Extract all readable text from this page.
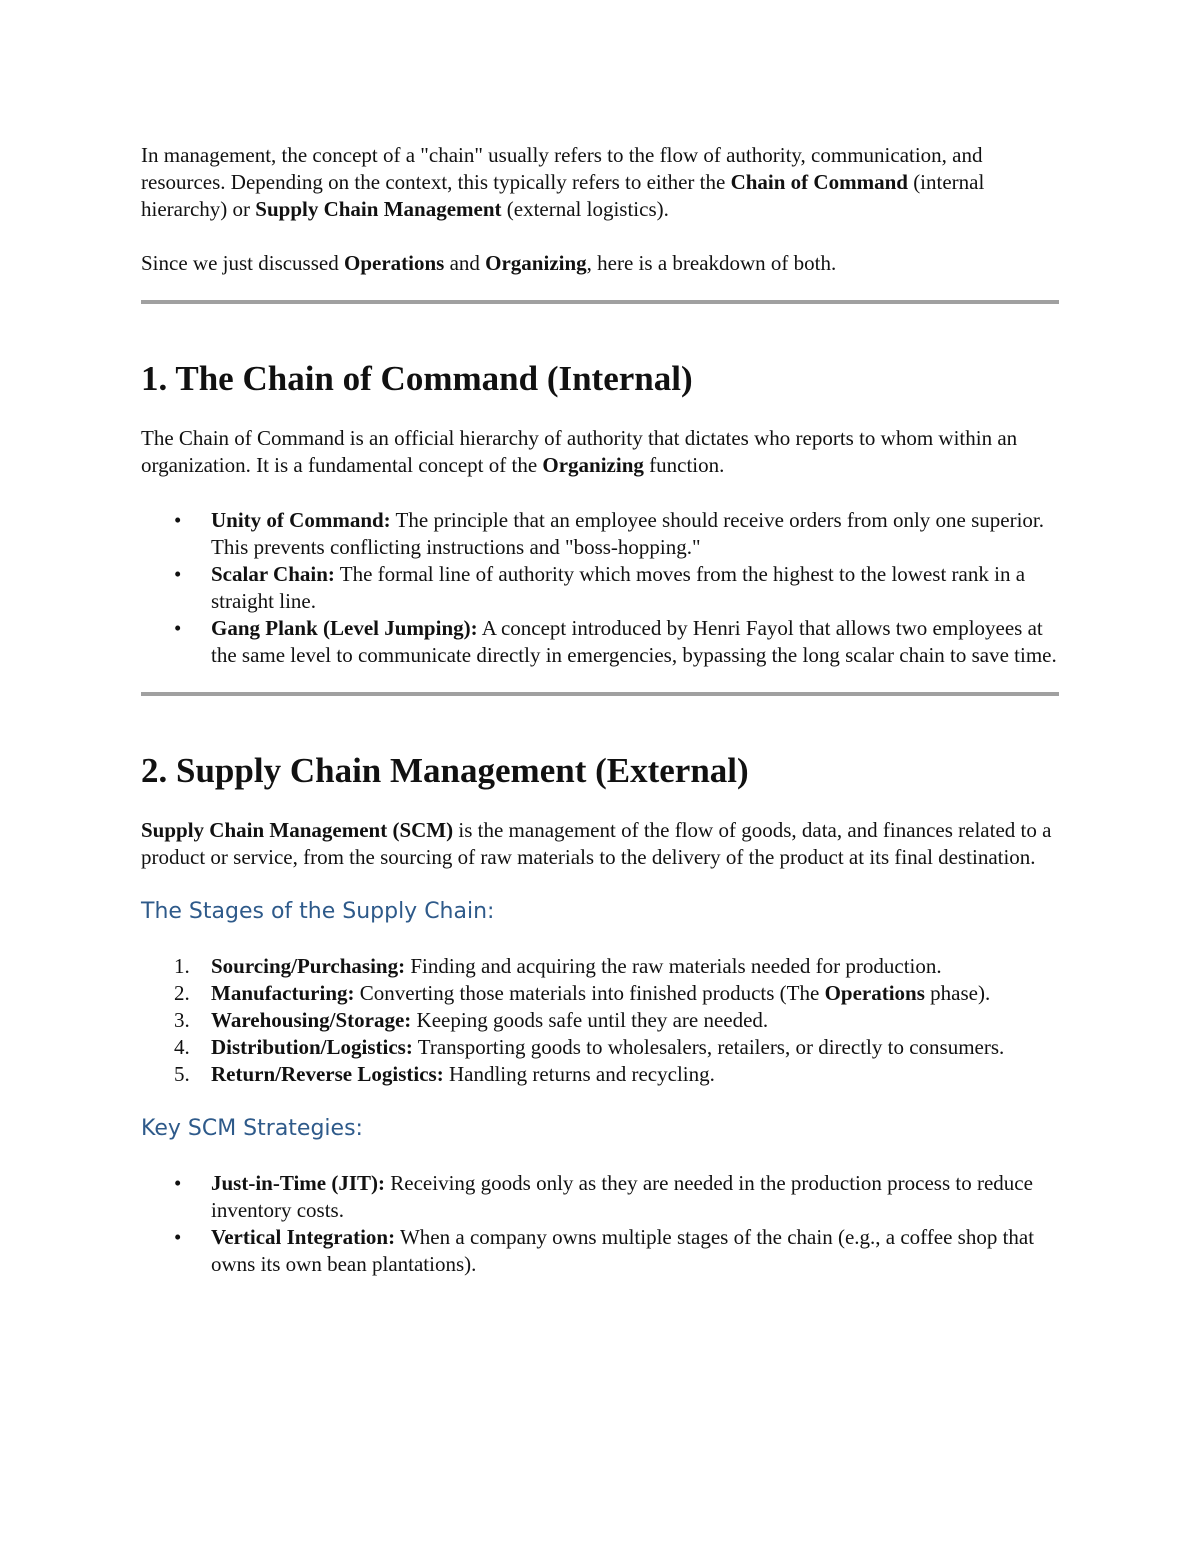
In management, the concept of a "chain" usually refers to the flow of authority, communication, and resources. Depending on the context, this typically refers to either the Chain of Command (internal hierarchy) or Supply Chain Management (external logistics).

Since we just discussed Operations and Organizing, here is a breakdown of both.

1. The Chain of Command (Internal)

The Chain of Command is an official hierarchy of authority that dictates who reports to whom within an organization. It is a fundamental concept of the Organizing function.

• Unity of Command: The principle that an employee should receive orders from only one superior. This prevents conflicting instructions and "boss-hopping."
• Scalar Chain: The formal line of authority which moves from the highest to the lowest rank in a straight line.
• Gang Plank (Level Jumping): A concept introduced by Henri Fayol that allows two employees at the same level to communicate directly in emergencies, bypassing the long scalar chain to save time.
2. Supply Chain Management (External)

Supply Chain Management (SCM) is the management of the flow of goods, data, and finances related to a product or service, from the sourcing of raw materials to the delivery of the product at its final destination.

The Stages of the Supply Chain:
1.	Sourcing/Purchasing: Finding and acquiring the raw materials needed for production.
2.	Manufacturing: Converting those materials into finished products (The Operations phase).
3.	Warehousing/Storage: Keeping goods safe until they are needed.
4.	Distribution/Logistics: Transporting goods to wholesalers, retailers, or directly to consumers.
5.	Return/Reverse Logistics: Handling returns and recycling.
Key SCM Strategies:
• Just-in-Time (JIT): Receiving goods only as they are needed in the production process to reduce inventory costs.
• Vertical Integration: When a company owns multiple stages of the chain (e.g., a coffee shop that owns its own bean plantations).
